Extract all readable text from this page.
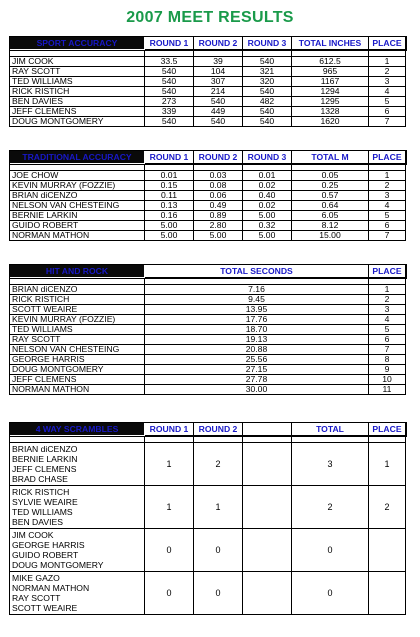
2007 MEET RESULTS
SPORT ACCURACY	ROUND 1	ROUND 2	ROUND 3	TOTAL INCHES	PLACE

JIM COOK	33.5	39	540	612.5	1
RAY SCOTT	540	104	321	965	2
TED WILLIAMS	540	307	320	1167	3
RICK RISTICH	540	214	540	1294	4
BEN DAVIES	273	540	482	1295	5
JEFF CLEMENS	339	449	540	1328	6
DOUG MONTGOMERY	540	540	540	1620	7
TRADITIONAL ACCURACY	ROUND 1	ROUND 2	ROUND 3	TOTAL M	PLACE

JOE CHOW	0.01	0.03	0.01	0.05	1
KEVIN MURRAY (FOZZIE)	0.15	0.08	0.02	0.25	2
BRIAN diCENZO	0.11	0.06	0.40	0.57	3
NELSON VAN CHESTEING	0.13	0.49	0.02	0.64	4
BERNIE LARKIN	0.16	0.89	5.00	6.05	5
GUIDO ROBERT	5.00	2.80	0.32	8.12	6
NORMAN MATHON	5.00	5.00	5.00	15.00	7
HIT AND ROCK	TOTAL SECONDS	PLACE

BRIAN diCENZO	7.16	1
RICK RISTICH	9.45	2
SCOTT WEAIRE	13.95	3
KEVIN MURRAY (FOZZIE)	17.76	4
TED WILLIAMS	18.70	5
RAY SCOTT	19.13	6
NELSON VAN CHESTEING	20.88	7
GEORGE HARRIS	25.56	8
DOUG MONTGOMERY	27.15	9
JEFF CLEMENS	27.78	10
NORMAN MATHON	30.00	11
4 WAY SCRAMBLES	ROUND 1	ROUND 2		TOTAL	PLACE

BRIAN diCENZO
BERNIE LARKIN
JEFF CLEMENS
BRAD CHASE	1	2		3	1

RICK RISTICH
SYLVIE WEAIRE
TED WILLIAMS
BEN DAVIES	1	1		2	2

JIM COOK
GEORGE HARRIS
GUIDO ROBERT
DOUG MONTGOMERY	0	0		0	

MIKE GAZO
NORMAN MATHON
RAY SCOTT
SCOTT WEAIRE	0	0		0	
